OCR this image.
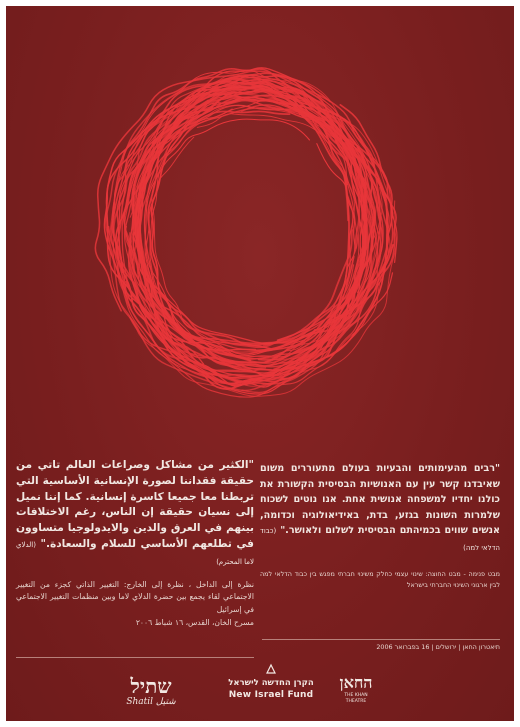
"רבים מהעימותים והבעיות בעולם מתעוררים משום שאיבדנו קשר עין עם האנושיות הבסיסית הקשורת את כולנו יחדיו למשפחה אנושית אחת. אנו נוטים לשכוח שלמרות השונות בגזע, בדת, באידיאולוגיה וכדומה, אנשים שווים בכמיהתם הבסיסית לשלום ולאושר." (כבוד הדלאי למה)

מבט פנימה - מבט החוצה: שינוי עצמי כחלק משינוי חברתי מפגש בין כבוד הדלאי למה לבין ארגוני השינוי החברתי בישראל

"الكثير من مشاكل وصراعات العالم تاتي من حقيقة فقداننا لصورة الإنسانية الأساسية التي تربطنا معا جميعا كاسرة إنسانية. كما إننا نميل إلى نسيان حقيقة إن الناس، رغم الاختلافات بينهم في العرق والدين والايدولوجيا متساوون في تطلعهم الأساسي للسلام والسعادة." (الدلاي لاما المحترم)

نظرة إلى الداخل ، نظرة إلى الخارج: التغيير الذاتي كجزء من التغيير الاجتماعي لقاء يجمع بين حضرة الدلاي لاما وبين منظمات التغيير الاجتماعي في إسرائيل

مسرح الخان، القدس، ١٦ شباط ٢٠٠٦
תיאטרון החאן | ירושלים | 16 בפברואר 2006
שתיל
Shatil شتيل
הקרן החדשה לישראל
New Israel Fund
החאן
THE KHAN THEATRE
